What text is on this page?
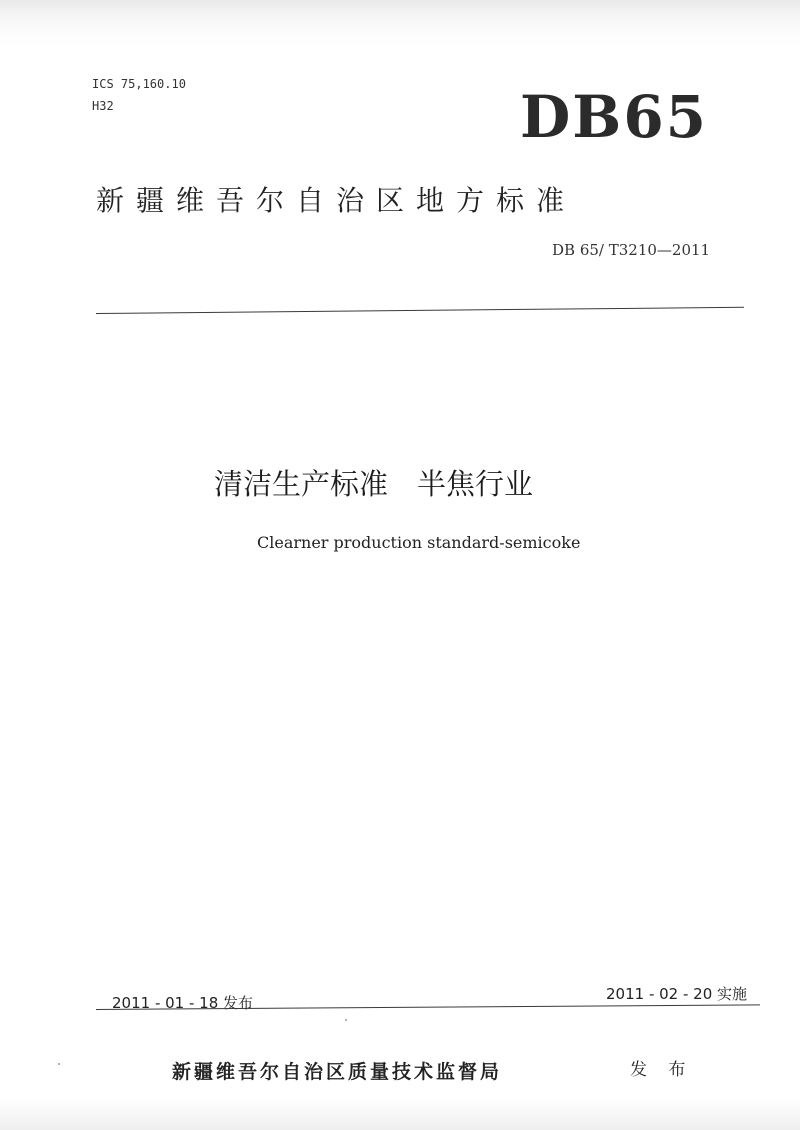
ICS 75,160.10
H32	DB65
新疆维吾尔自治区地方标准
DB 65/ T3210—2011
清洁生产标准　半焦行业
Clearner production standard-semicoke
2011 - 01 - 18 发布	2011 - 02 - 20 实施
新疆维吾尔自治区质量技术监督局	发 布
